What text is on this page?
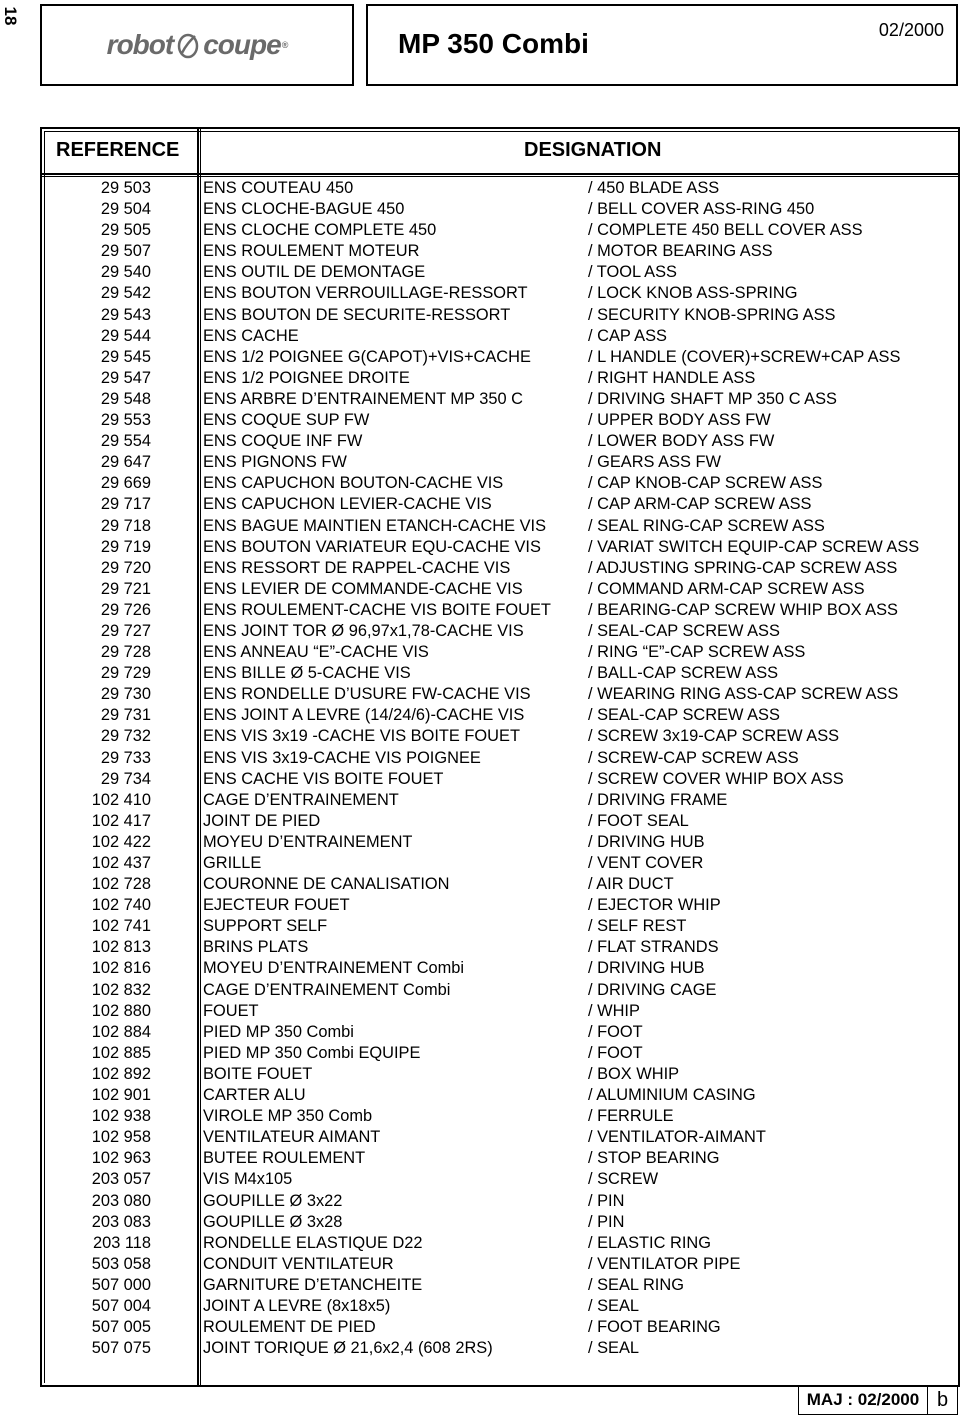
18
robot coupe ®	MP 350 Combi	02/2000
REFERENCE	DESIGNATION
29 503	ENS COUTEAU 450	/ 450 BLADE ASS
29 504	ENS CLOCHE-BAGUE 450	/ BELL COVER ASS-RING 450
29 505	ENS CLOCHE COMPLETE 450	/ COMPLETE 450 BELL COVER ASS
29 507	ENS ROULEMENT MOTEUR	/ MOTOR BEARING ASS
29 540	ENS OUTIL DE DEMONTAGE	/ TOOL ASS
29 542	ENS BOUTON VERROUILLAGE-RESSORT	/ LOCK KNOB ASS-SPRING
29 543	ENS BOUTON DE SECURITE-RESSORT	/ SECURITY KNOB-SPRING ASS
29 544	ENS CACHE	/ CAP ASS
29 545	ENS 1/2 POIGNEE G(CAPOT)+VIS+CACHE	/ L HANDLE (COVER)+SCREW+CAP ASS
29 547	ENS 1/2 POIGNEE DROITE	/ RIGHT HANDLE ASS
29 548	ENS ARBRE D’ENTRAINEMENT MP 350 C	/ DRIVING SHAFT MP 350 C ASS
29 553	ENS COQUE SUP FW	/ UPPER BODY ASS FW
29 554	ENS COQUE INF FW	/ LOWER BODY ASS FW
29 647	ENS PIGNONS FW	/ GEARS ASS FW
29 669	ENS CAPUCHON BOUTON-CACHE VIS	/ CAP KNOB-CAP SCREW ASS
29 717	ENS CAPUCHON LEVIER-CACHE VIS	/ CAP ARM-CAP SCREW ASS
29 718	ENS BAGUE MAINTIEN ETANCH-CACHE VIS	/ SEAL RING-CAP SCREW ASS
29 719	ENS BOUTON VARIATEUR EQU-CACHE VIS	/ VARIAT SWITCH EQUIP-CAP SCREW ASS
29 720	ENS RESSORT DE RAPPEL-CACHE VIS	/ ADJUSTING SPRING-CAP SCREW ASS
29 721	ENS LEVIER DE COMMANDE-CACHE VIS	/ COMMAND ARM-CAP SCREW ASS
29 726	ENS ROULEMENT-CACHE VIS BOITE FOUET / BEARING-CAP SCREW WHIP BOX ASS
29 727	ENS JOINT TOR Ø 96,97x1,78-CACHE VIS	/ SEAL-CAP SCREW ASS
29 728	ENS ANNEAU “E”-CACHE VIS	/ RING “E”-CAP SCREW ASS
29 729	ENS BILLE Ø 5-CACHE VIS	/ BALL-CAP SCREW ASS
29 730	ENS RONDELLE D’USURE FW-CACHE VIS	/ WEARING RING ASS-CAP SCREW ASS
29 731	ENS JOINT A LEVRE (14/24/6)-CACHE VIS	/ SEAL-CAP SCREW ASS
29 732	ENS VIS 3x19 -CACHE VIS BOITE FOUET	/ SCREW 3x19-CAP SCREW ASS
29 733	ENS VIS 3x19-CACHE VIS POIGNEE	/ SCREW-CAP SCREW ASS
29 734	ENS CACHE VIS BOITE FOUET	/ SCREW COVER WHIP BOX ASS
102 410	CAGE D’ENTRAINEMENT	/ DRIVING FRAME
102 417	JOINT DE PIED	/ FOOT SEAL
102 422	MOYEU D’ENTRAINEMENT	/ DRIVING HUB
102 437	GRILLE	/ VENT COVER
102 728	COURONNE DE CANALISATION	/ AIR DUCT
102 740	EJECTEUR FOUET	/ EJECTOR WHIP
102 741	SUPPORT SELF	/ SELF REST
102 813	BRINS PLATS	/ FLAT STRANDS
102 816	MOYEU D’ENTRAINEMENT Combi	/ DRIVING HUB
102 832	CAGE D’ENTRAINEMENT Combi	/ DRIVING CAGE
102 880	FOUET	/ WHIP
102 884	PIED MP 350 Combi	/ FOOT
102 885	PIED MP 350 Combi EQUIPE	/ FOOT
102 892	BOITE FOUET	/ BOX WHIP
102 901	CARTER ALU	/ ALUMINIUM CASING
102 938	VIROLE MP 350 Comb	/ FERRULE
102 958	VENTILATEUR AIMANT	/ VENTILATOR-AIMANT
102 963	BUTEE ROULEMENT	/ STOP BEARING
203 057	VIS M4x105	/ SCREW
203 080	GOUPILLE Ø 3x22	/ PIN
203 083	GOUPILLE Ø 3x28	/ PIN
203 118	RONDELLE ELASTIQUE D22	/ ELASTIC RING
503 058	CONDUIT VENTILATEUR	/ VENTILATOR PIPE
507 000	GARNITURE D’ETANCHEITE	/ SEAL RING
507 004	JOINT A LEVRE (8x18x5)	/ SEAL
507 005	ROULEMENT DE PIED	/ FOOT BEARING
507 075	JOINT TORIQUE Ø 21,6x2,4 (608 2RS)	/ SEAL
MAJ : 02/2000 b
